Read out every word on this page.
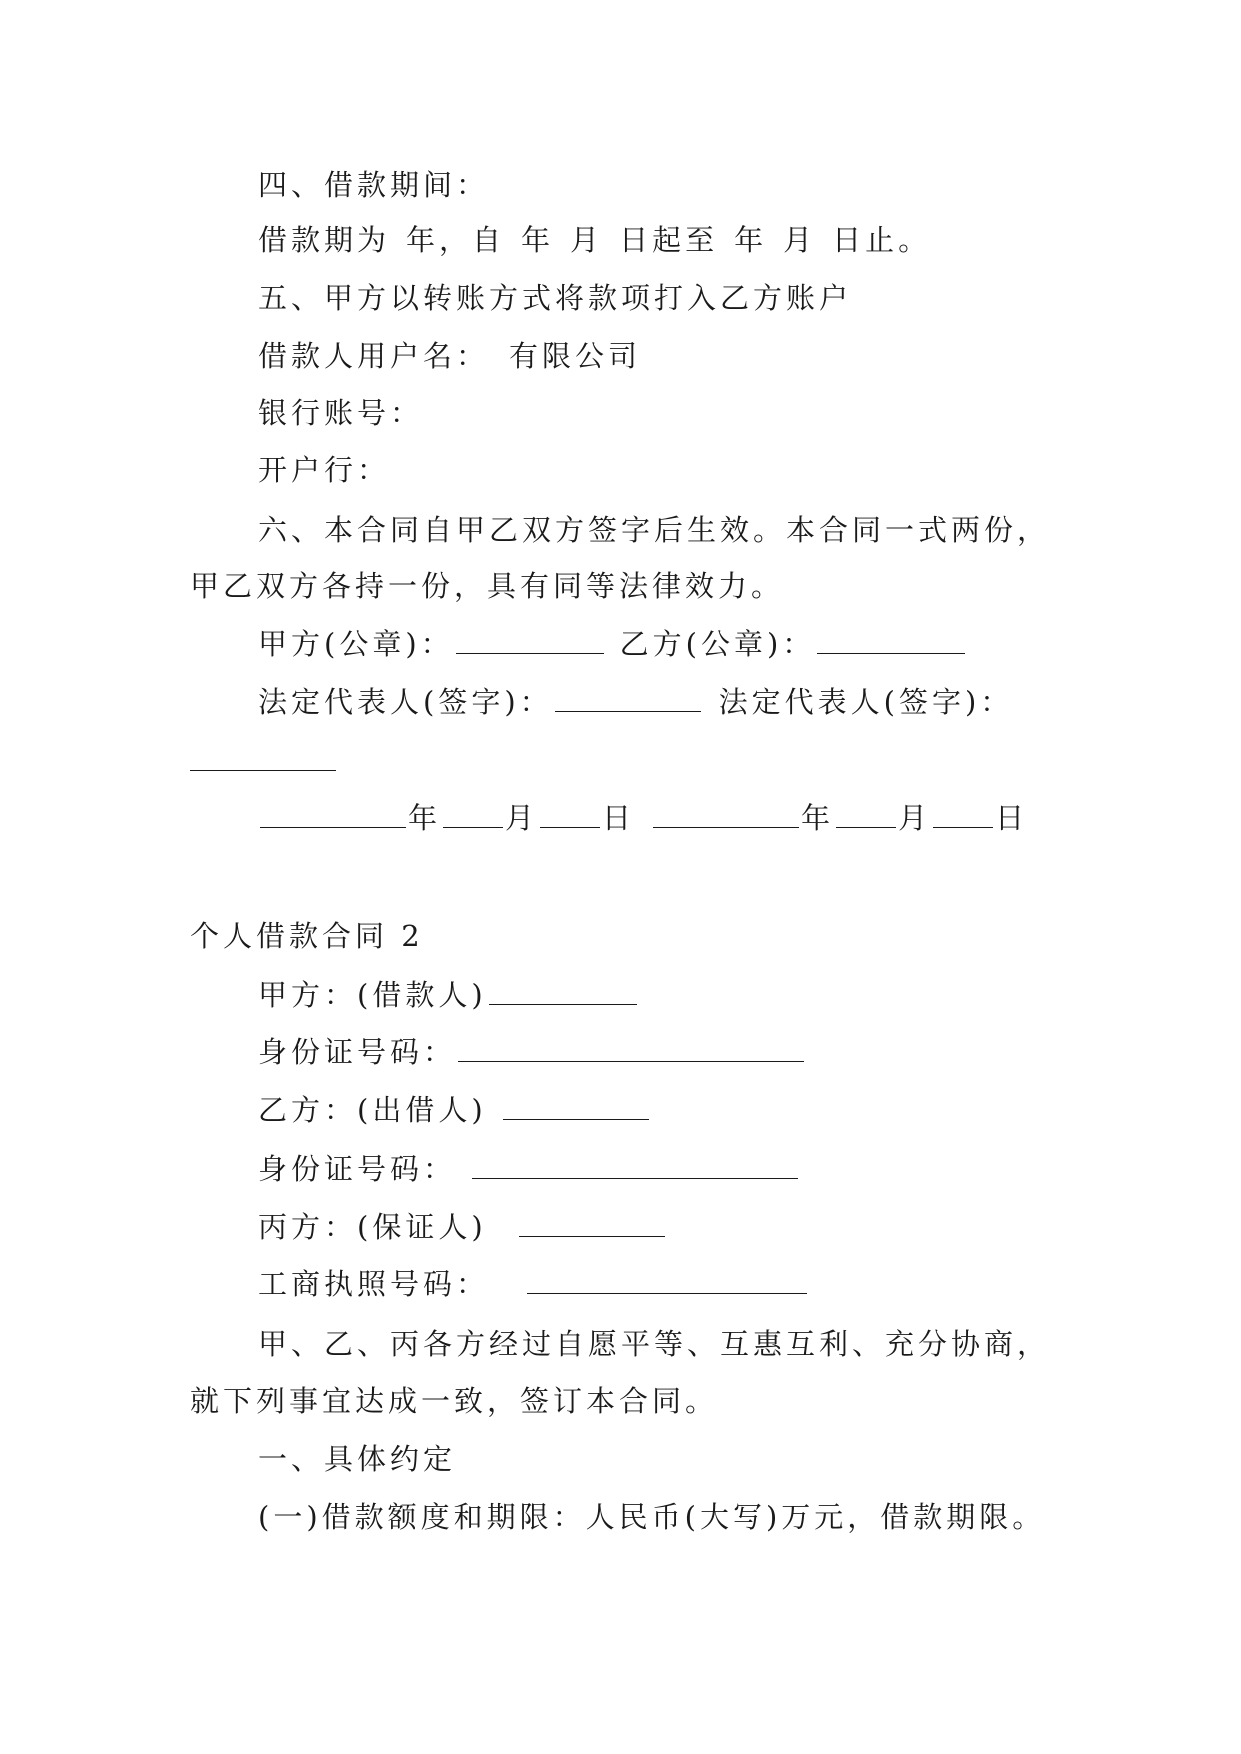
四、借款期间：
借款期为 年，自 年 月 日起至 年 月 日止。
五、甲方以转账方式将款项打入乙方账户
借款人用户名： 有限公司
银行账号：
开户行：
六、本合同自甲乙双方签字后生效。本合同一式两份，
甲乙双方各持一份，具有同等法律效力。
甲方(公章)：	乙方(公章)：
法定代表人(签字)：	法定代表人(签字)：
年 月 日	年 月 日
个人借款合同 2
甲方：(借款人)
身份证号码：
乙方：(出借人)
身份证号码：
丙方：(保证人)
工商执照号码：
甲、乙、丙各方经过自愿平等、互惠互利、充分协商，
就下列事宜达成一致，签订本合同。
一、具体约定
(一)借款额度和期限：人民币(大写)万元，借款期限。
